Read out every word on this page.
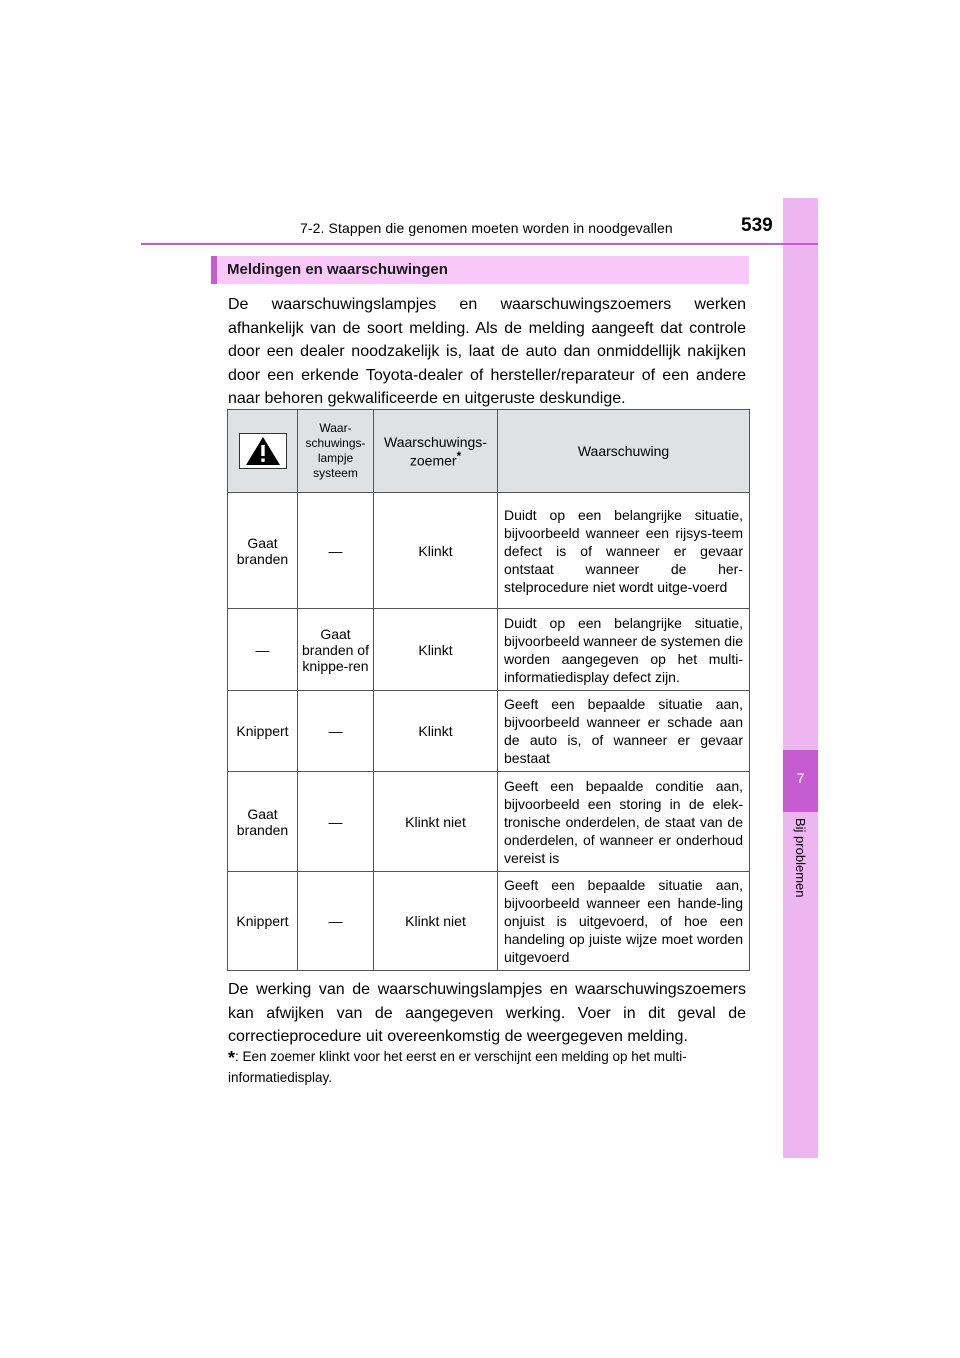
7
Bij problemen
7-2. Stappen die genomen moeten worden in noodgevallen	539
Meldingen en waarschuwingen
De waarschuwingslampjes en waarschuwingszoemers werken afhankelijk van de soort melding. Als de melding aangeeft dat controle door een dealer noodzakelijk is, laat de auto dan onmiddellijk nakijken door een erkende Toyota-dealer of hersteller/reparateur of een andere naar behoren gekwalificeerde en uitgeruste deskundige.
	Waar-schuwings-lampje systeem	Waarschuwings-zoemer*	Waarschuwing
Gaat branden	—	Klinkt	Duidt op een belangrijke situatie, bijvoorbeeld wanneer een rijsys-teem defect is of wanneer er gevaar ontstaat wanneer de her-stelprocedure niet wordt uitge-voerd
—	Gaat branden of knippe-ren	Klinkt	Duidt op een belangrijke situatie, bijvoorbeeld wanneer de systemen die worden aangegeven op het multi-informatiedisplay defect zijn.
Knippert	—	Klinkt	Geeft een bepaalde situatie aan, bijvoorbeeld wanneer er schade aan de auto is, of wanneer er gevaar bestaat
Gaat branden	—	Klinkt niet	Geeft een bepaalde conditie aan, bijvoorbeeld een storing in de elek-tronische onderdelen, de staat van de onderdelen, of wanneer er onderhoud vereist is
Knippert	—	Klinkt niet	Geeft een bepaalde situatie aan, bijvoorbeeld wanneer een hande-ling onjuist is uitgevoerd, of hoe een handeling op juiste wijze moet worden uitgevoerd
De werking van de waarschuwingslampjes en waarschuwingszoemers kan afwijken van de aangegeven werking. Voer in dit geval de correctieprocedure uit overeenkomstig de weergegeven melding.
*: Een zoemer klinkt voor het eerst en er verschijnt een melding op het multi-informatiedisplay.
